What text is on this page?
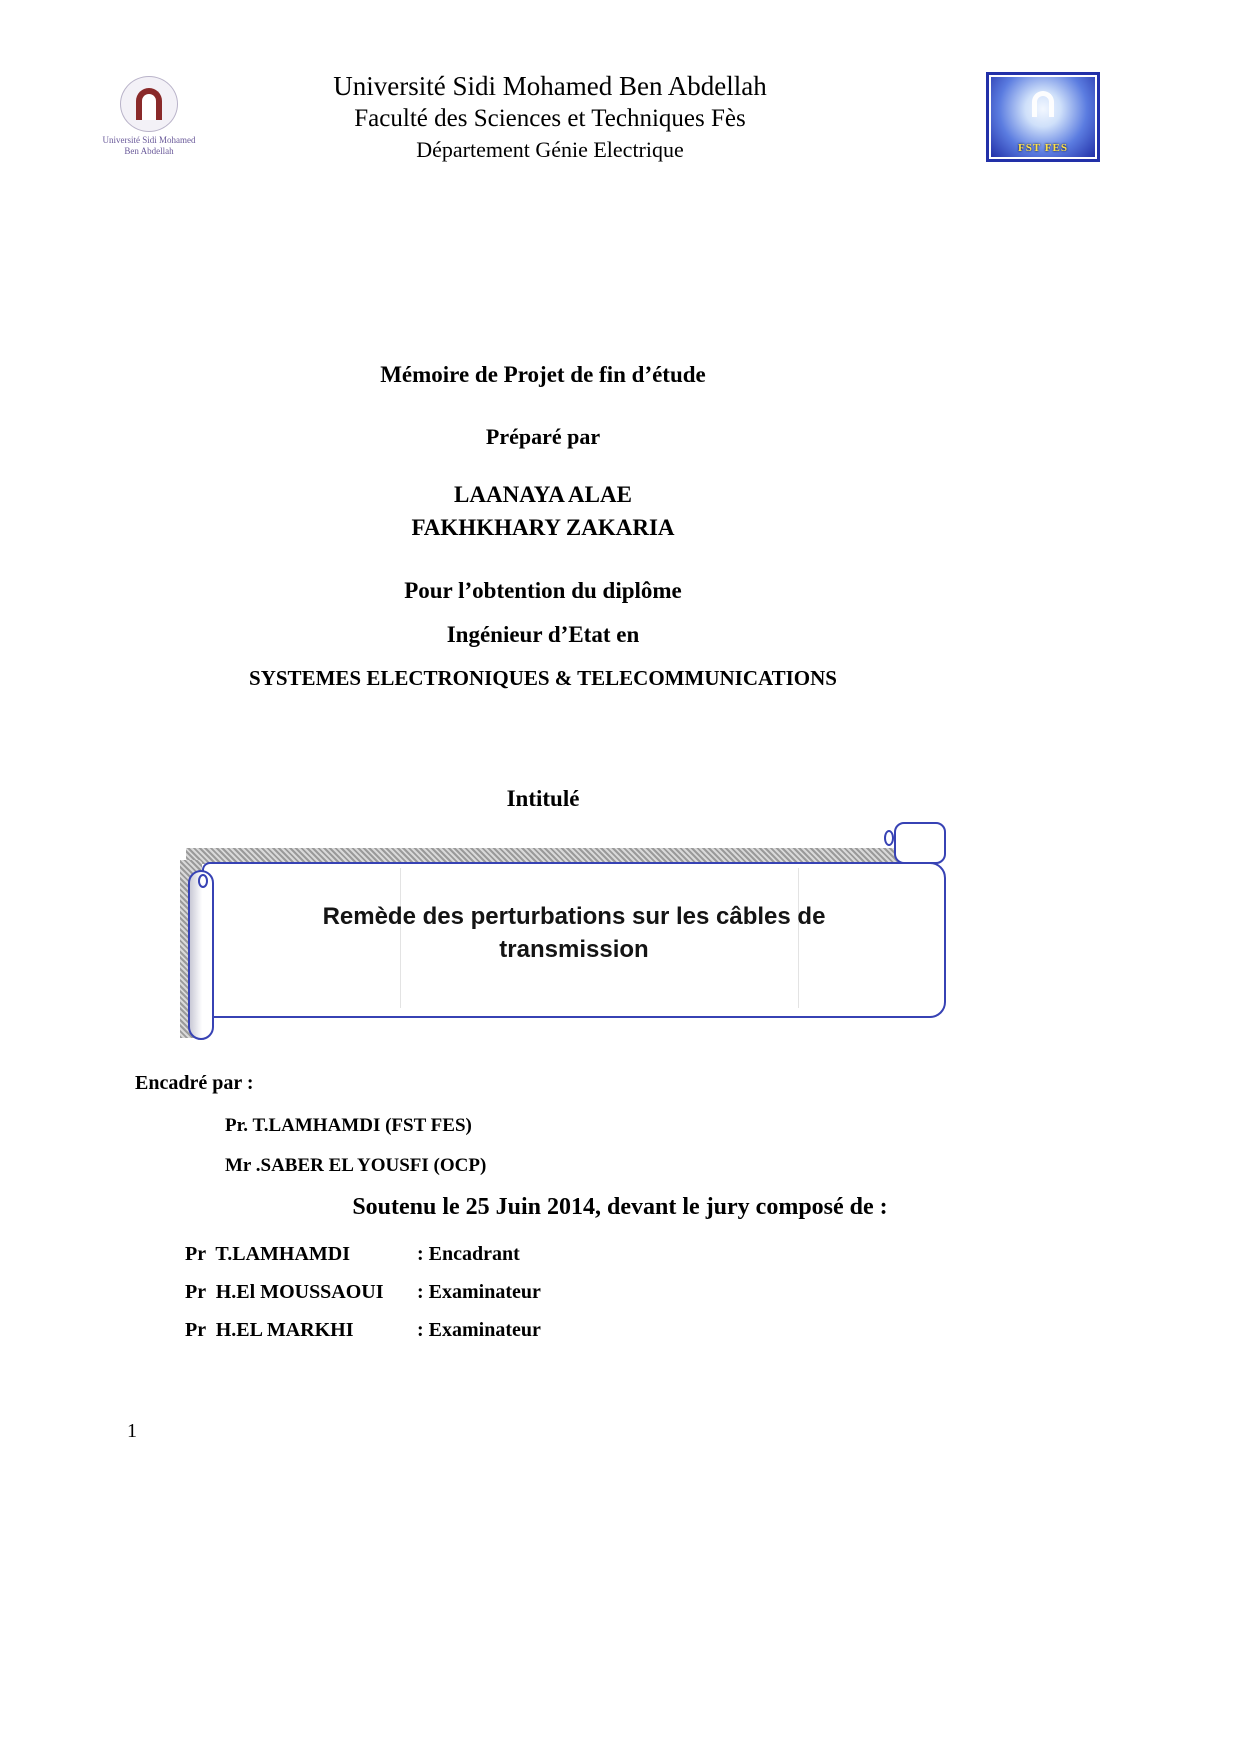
Université Sidi Mohamed
Ben Abdellah
Université Sidi Mohamed Ben Abdellah
Faculté des Sciences et Techniques Fès
Département Génie Electrique	FST FES
Mémoire de Projet de fin d’étude
Préparé par
LAANAYA ALAE
FAKHKHARY ZAKARIA
Pour l’obtention du diplôme
Ingénieur d’Etat en
SYSTEMES ELECTRONIQUES & TELECOMMUNICATIONS
Intitulé
Remède des perturbations sur les câbles de transmission
Encadré par :
Pr. T.LAMHAMDI (FST FES)
Mr .SABER EL YOUSFI (OCP)
Soutenu le 25 Juin 2014, devant le jury composé de :
Pr  T.LAMHAMDI	: Encadrant
Pr  H.El MOUSSAOUI	: Examinateur
Pr  H.EL MARKHI	: Examinateur
1
